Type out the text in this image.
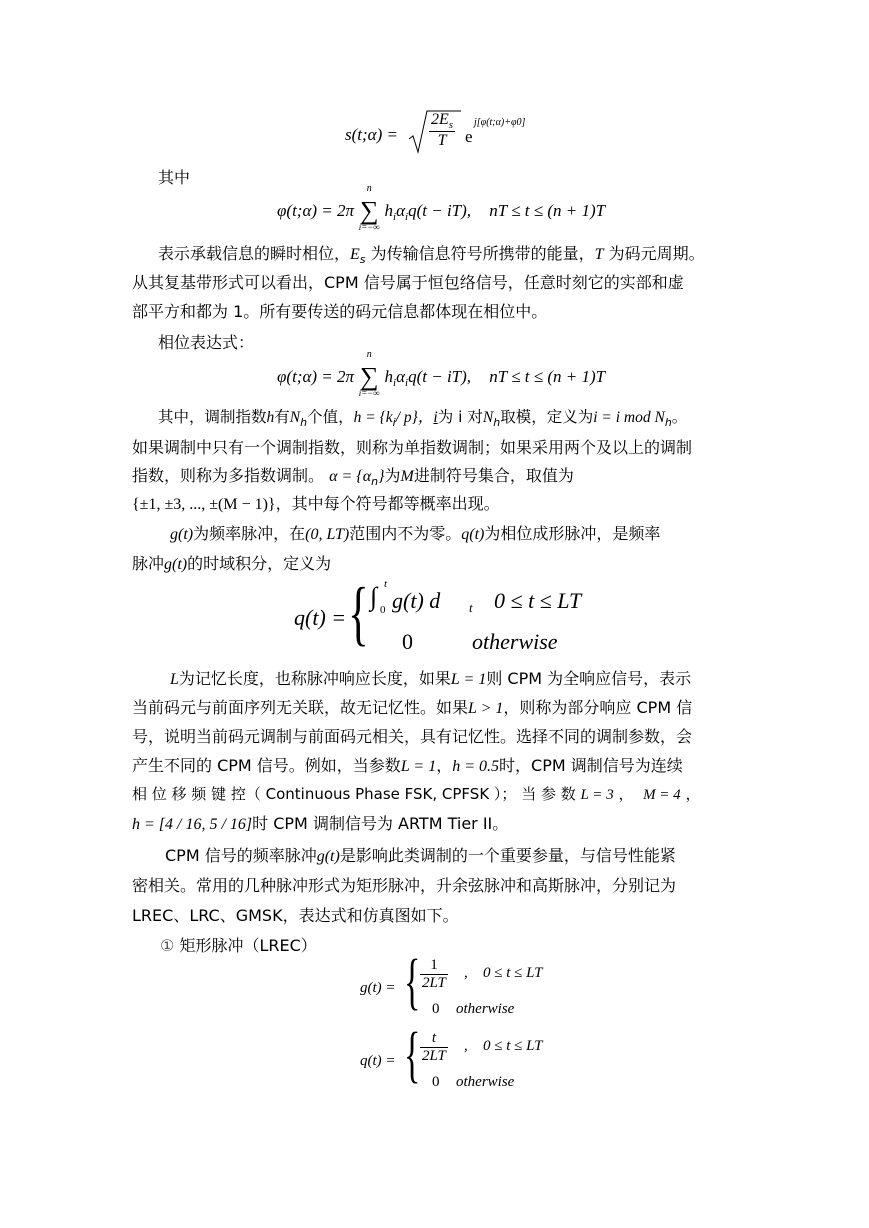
s(t;α) = $\frac{2E_s}{T}$ e
j[φ(t;α)+φ0]
其中
φ(t;α) = 2π
n
∑
i=−∞
$h_i\alpha_iq(t - iT)$, nT ≤ t ≤ (n + 1)T
表示承载信息的瞬时相位，$E_s$ 为传输信息符号所携带的能量，T 为码元周期。
从其复基带形式可以看出，CPM 信号属于恒包络信号，任意时刻它的实部和虚
部平方和都为 1。所有要传送的码元信息都体现在相位中。
相位表达式：
φ(t;α) = 2π
n
∑
i=−∞
$h_i\alpha_iq(t - iT)$, nT ≤ t ≤ (n + 1)T
其中，调制指数h有$N_h$个值，$h = \{k_i/$ p}，i为 i 对$N_h$取模，定义为i = i mod $N_h$。
如果调制中只有一个调制指数，则称为单指数调制；如果采用两个及以上的调制
指数，则称为多指数调制。 $\alpha = \{\alpha_n\}$为M进制符号集合，取值为
{±1, ±3, ..., ±(M − 1)}，其中每个符号都等概率出现。
g(t)为频率脉冲，在(0, LT)范围内不为零。q(t)为相位成形脉冲，是频率
脉冲g(t)的时域积分，定义为
q(t) = { ∫ t
0 g(t) d t 0 ≤ t ≤ LT
0	otherwise
L为记忆长度，也称脉冲响应长度，如果L = 1则 CPM 为全响应信号，表示
当前码元与前面序列无关联，故无记忆性。如果L > 1，则称为部分响应 CPM 信
号，说明当前码元调制与前面码元相关，具有记忆性。选择不同的调制参数，会
产生不同的 CPM 信号。例如，当参数L = 1，h = 0.5时，CPM 调制信号为连续
相 位 移 频 键 控（ Continuous Phase FSK, CPFSK ）； 当 参 数 L = 3 ， M = 4 ，
h = [4 / 16, 5 / 16]时 CPM 调制信号为 ARTM Tier II。
CPM 信号的频率脉冲g(t)是影响此类调制的一个重要参量，与信号性能紧
密相关。常用的几种脉冲形式为矩形脉冲，升余弦脉冲和高斯脉冲，分别记为
LREC、LRC、GMSK，表达式和仿真图如下。
① 矩形脉冲（LREC）
g(t) = { $\frac{1}{2LT}$ , 0 ≤ t ≤ LT
0 otherwise
q(t) = { $\frac{t}{2LT}$ , 0 ≤ t ≤ LT
0 otherwise
